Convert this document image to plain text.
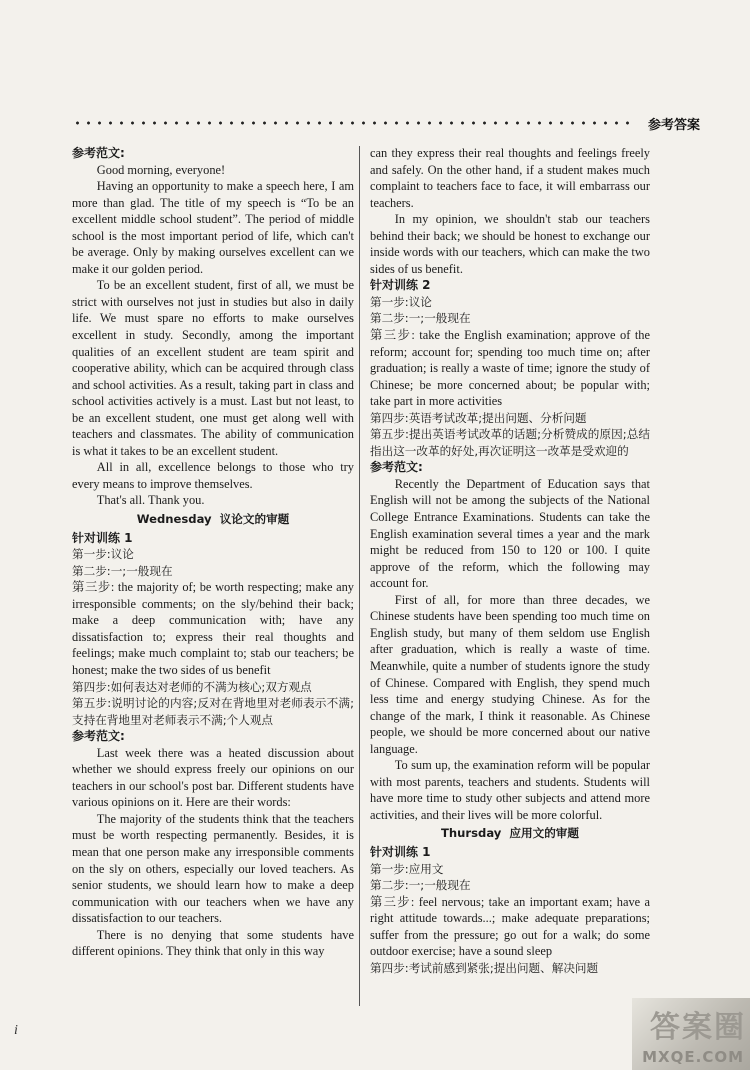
参考答案

参考范文:

Good morning, everyone!

Having an opportunity to make a speech here, I am more than glad. The title of my speech is “To be an excellent middle school student”. The period of middle school is the most important period of life, which can't be average. Only by making ourselves excellent can we make it our golden period.

To be an excellent student, first of all, we must be strict with ourselves not just in studies but also in daily life. We must spare no efforts to make ourselves excellent in study. Secondly, among the important qualities of an excellent student are team spirit and cooperative ability, which can be acquired through class and school activities. As a result, taking part in class and school activities actively is a must. Last but not least, to be an excellent student, one must get along well with teachers and classmates. The ability of communication is what it takes to be an excellent student.

All in all, excellence belongs to those who try every means to improve themselves.

That's all. Thank you.

Wednesday 议论文的审题

针对训练 1

第一步:议论

第二步:一;一般现在

第三步: the majority of; be worth respecting; make any irresponsible comments; on the sly/behind their back; make a deep communication with; have any dissatisfaction to; express their real thoughts and feelings; make much complaint to; stab our teachers; be honest; make the two sides of us benefit

第四步:如何表达对老师的不满为核心;双方观点

第五步:说明讨论的内容;反对在背地里对老师表示不满;支持在背地里对老师表示不满;个人观点

参考范文:

Last week there was a heated discussion about whether we should express freely our opinions on our teachers in our school's post bar. Different students have various opinions on it. Here are their words:

The majority of the students think that the teachers must be worth respecting permanently. Besides, it is mean that one person make any irresponsible comments on the sly on others, especially our loved teachers. As senior students, we should learn how to make a deep communication with our teachers when we have any dissatisfaction to our teachers.

There is no denying that some students have different opinions. They think that only in this way

can they express their real thoughts and feelings freely and safely. On the other hand, if a student makes much complaint to teachers face to face, it will embarrass our teachers.

In my opinion, we shouldn't stab our teachers behind their back; we should be honest to exchange our inside words with our teachers, which can make the two sides of us benefit.

针对训练 2

第一步:议论

第二步:一;一般现在

第三步: take the English examination; approve of the reform; account for; spending too much time on; after graduation; is really a waste of time; ignore the study of Chinese; be more concerned about; be popular with; take part in more activities

第四步:英语考试改革;提出问题、分析问题

第五步:提出英语考试改革的话题;分析赞成的原因;总结指出这一改革的好处,再次证明这一改革是受欢迎的

参考范文:

Recently the Department of Education says that English will not be among the subjects of the National College Entrance Examinations. Students can take the English examination several times a year and the mark might be reduced from 150 to 120 or 100. I quite approve of the reform, which the following may account for.

First of all, for more than three decades, we Chinese students have been spending too much time on English study, but many of them seldom use English after graduation, which is really a waste of time. Meanwhile, quite a number of students ignore the study of Chinese. Compared with English, they spend much less time and energy studying Chinese. As for the change of the mark, I think it reasonable. As Chinese people, we should be more concerned about our native language.

To sum up, the examination reform will be popular with most parents, teachers and students. Students will have more time to study other subjects and attend more activities, and their lives will be more colorful.

Thursday 应用文的审题

针对训练 1

第一步:应用文

第二步:一;一般现在

第三步: feel nervous; take an important exam; have a right attitude towards...; make adequate preparations; suffer from the pressure; go out for a walk; do some outdoor exercise; have a sound sleep

第四步:考试前感到紧张;提出问题、解决问题

i	答案圈
MXQE.COM
